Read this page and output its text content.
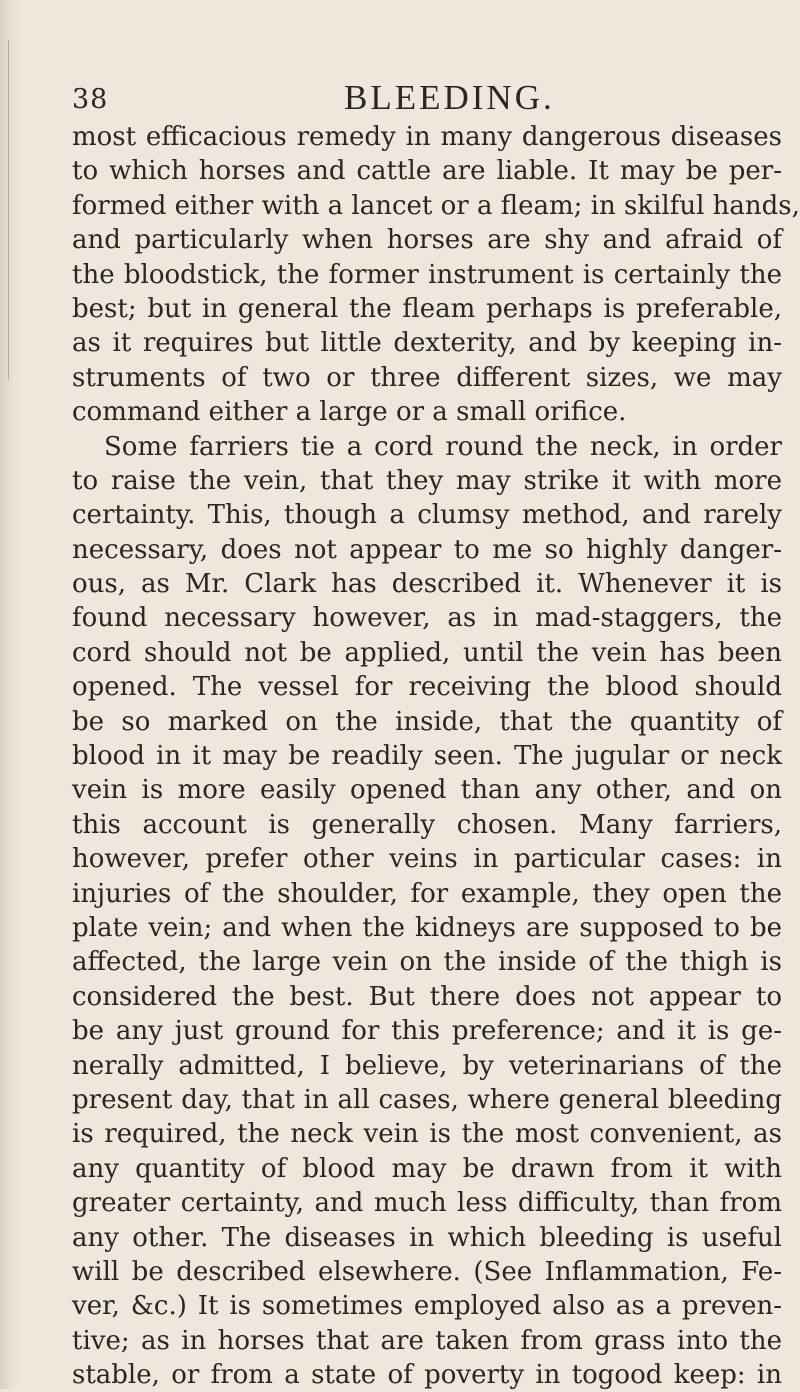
38	BLEEDING.
most efficacious remedy in many dangerous diseases
to which horses and cattle are liable. It may be per-
formed either with a lancet or a fleam; in skilful hands,
and particularly when horses are shy and afraid of
the bloodstick, the former instrument is certainly the
best; but in general the fleam perhaps is preferable,
as it requires but little dexterity, and by keeping in-
struments of two or three different sizes, we may
command either a large or a small orifice.
Some farriers tie a cord round the neck, in order
to raise the vein, that they may strike it with more
certainty. This, though a clumsy method, and rarely
necessary, does not appear to me so highly danger-
ous, as Mr. Clark has described it. Whenever it is
found necessary however, as in mad-staggers, the
cord should not be applied, until the vein has been
opened. The vessel for receiving the blood should
be so marked on the inside, that the quantity of
blood in it may be readily seen. The jugular or neck
vein is more easily opened than any other, and on
this account is generally chosen. Many farriers,
however, prefer other veins in particular cases: in
injuries of the shoulder, for example, they open the
plate vein; and when the kidneys are supposed to be
affected, the large vein on the inside of the thigh is
considered the best. But there does not appear to
be any just ground for this preference; and it is ge-
nerally admitted, I believe, by veterinarians of the
present day, that in all cases, where general bleeding
is required, the neck vein is the most convenient, as
any quantity of blood may be drawn from it with
greater certainty, and much less difficulty, than from
any other. The diseases in which bleeding is useful
will be described elsewhere. (See Inflammation, Fe-
ver, &c.) It is sometimes employed also as a preven-
tive; as in horses that are taken from grass into the
stable, or from a state of poverty in togood keep: in
